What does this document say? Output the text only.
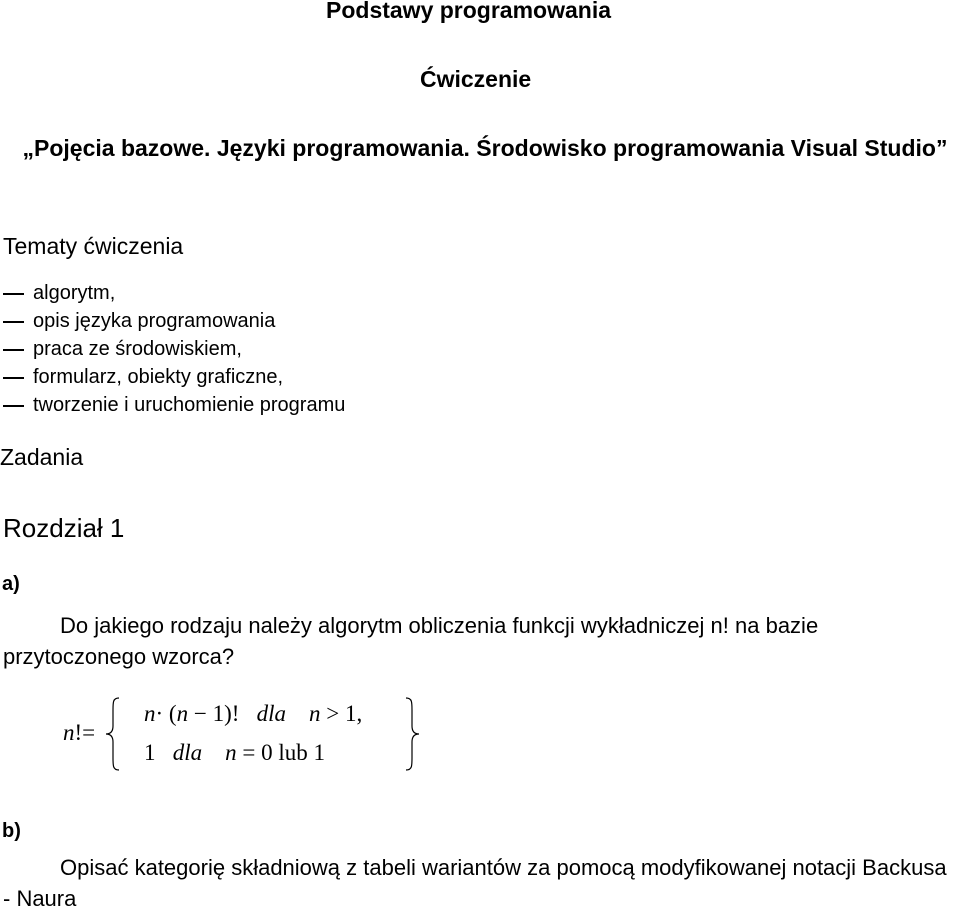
Podstawy programowania
Ćwiczenie
„Pojęcia bazowe. Języki programowania. Środowisko programowania Visual Studio”
Tematy ćwiczenia
algorytm,
opis języka programowania
praca ze środowiskiem,
formularz, obiekty graficzne,
tworzenie i uruchomienie programu
Zadania
Rozdział 1
a)
Do jakiego rodzaju należy algorytm obliczenia funkcji wykładniczej n! na bazie przytoczonego wzorca?
n!=
n· (n − 1)! dla n > 1,
1 dla n = 0 lub 1
b)
Opisać kategorię składniową z tabeli wariantów za pomocą modyfikowanej notacji Backusa - Naura
